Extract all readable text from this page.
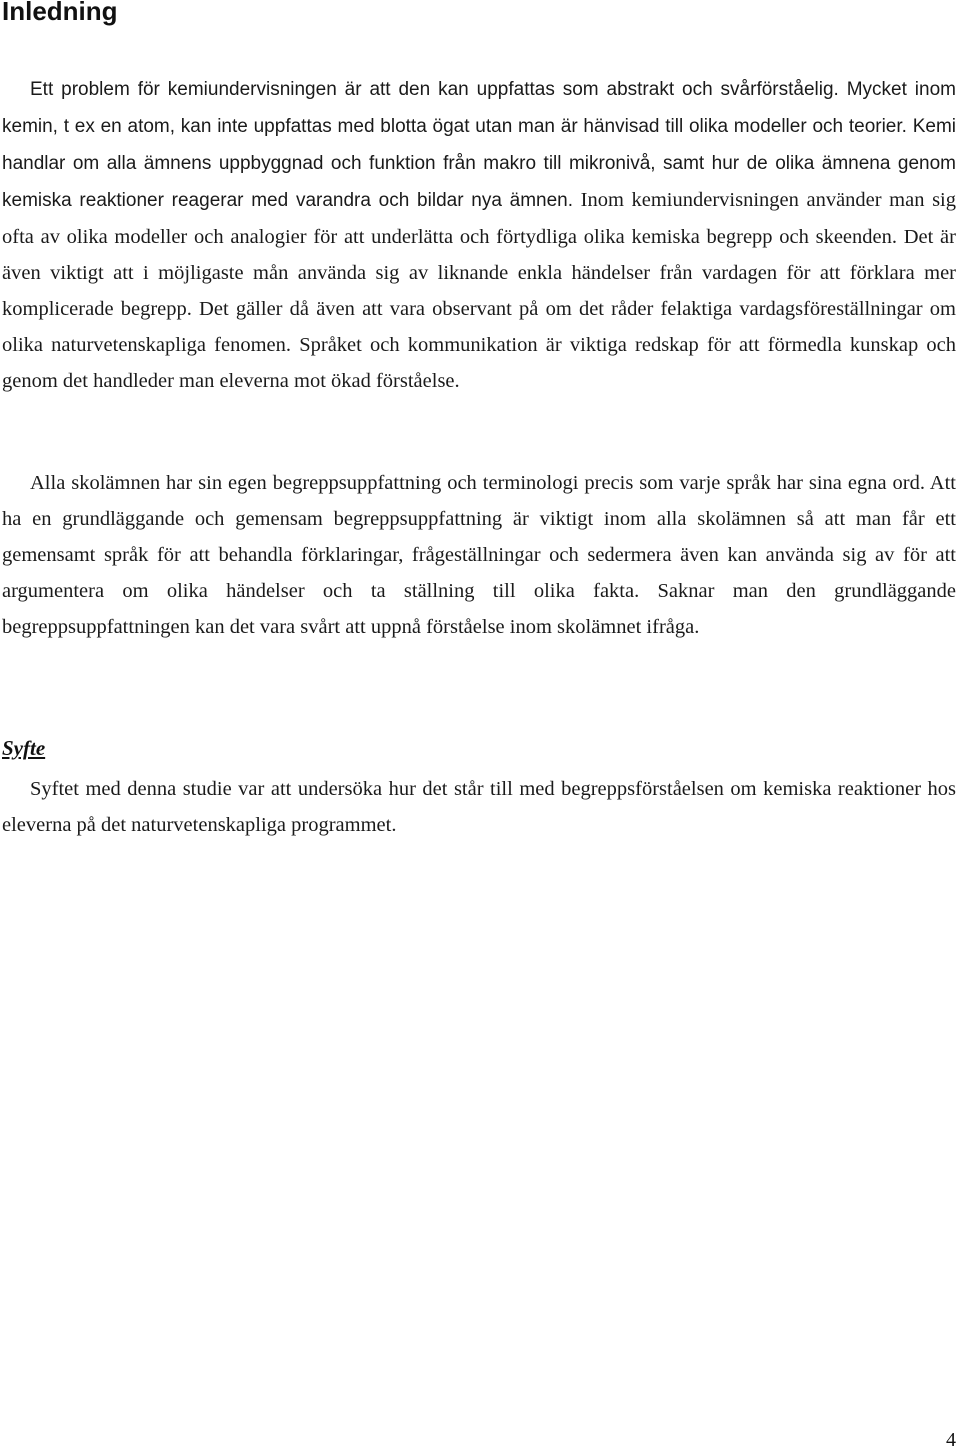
Inledning

Ett problem för kemiundervisningen är att den kan uppfattas som abstrakt och svårförståelig. Mycket inom kemin, t ex en atom, kan inte uppfattas med blotta ögat utan man är hänvisad till olika modeller och teorier. Kemi handlar om alla ämnens uppbyggnad och funktion från makro till mikronivå, samt hur de olika ämnena genom kemiska reaktioner reagerar med varandra och bildar nya ämnen. Inom kemiundervisningen använder man sig ofta av olika modeller och analogier för att underlätta och förtydliga olika kemiska begrepp och skeenden. Det är även viktigt att i möjligaste mån använda sig av liknande enkla händelser från vardagen för att förklara mer komplicerade begrepp. Det gäller då även att vara observant på om det råder felaktiga vardagsföreställningar om olika naturvetenskapliga fenomen. Språket och kommunikation är viktiga redskap för att förmedla kunskap och genom det handleder man eleverna mot ökad förståelse.

Alla skolämnen har sin egen begreppsuppfattning och terminologi precis som varje språk har sina egna ord. Att ha en grundläggande och gemensam begreppsuppfattning är viktigt inom alla skolämnen så att man får ett gemensamt språk för att behandla förklaringar, frågeställningar och sedermera även kan använda sig av för att argumentera om olika händelser och ta ställning till olika fakta. Saknar man den grundläggande begreppsuppfattningen kan det vara svårt att uppnå förståelse inom skolämnet ifråga.

Syfte

Syftet med denna studie var att undersöka hur det står till med begreppsförståelsen om kemiska reaktioner hos eleverna på det naturvetenskapliga programmet.

4
